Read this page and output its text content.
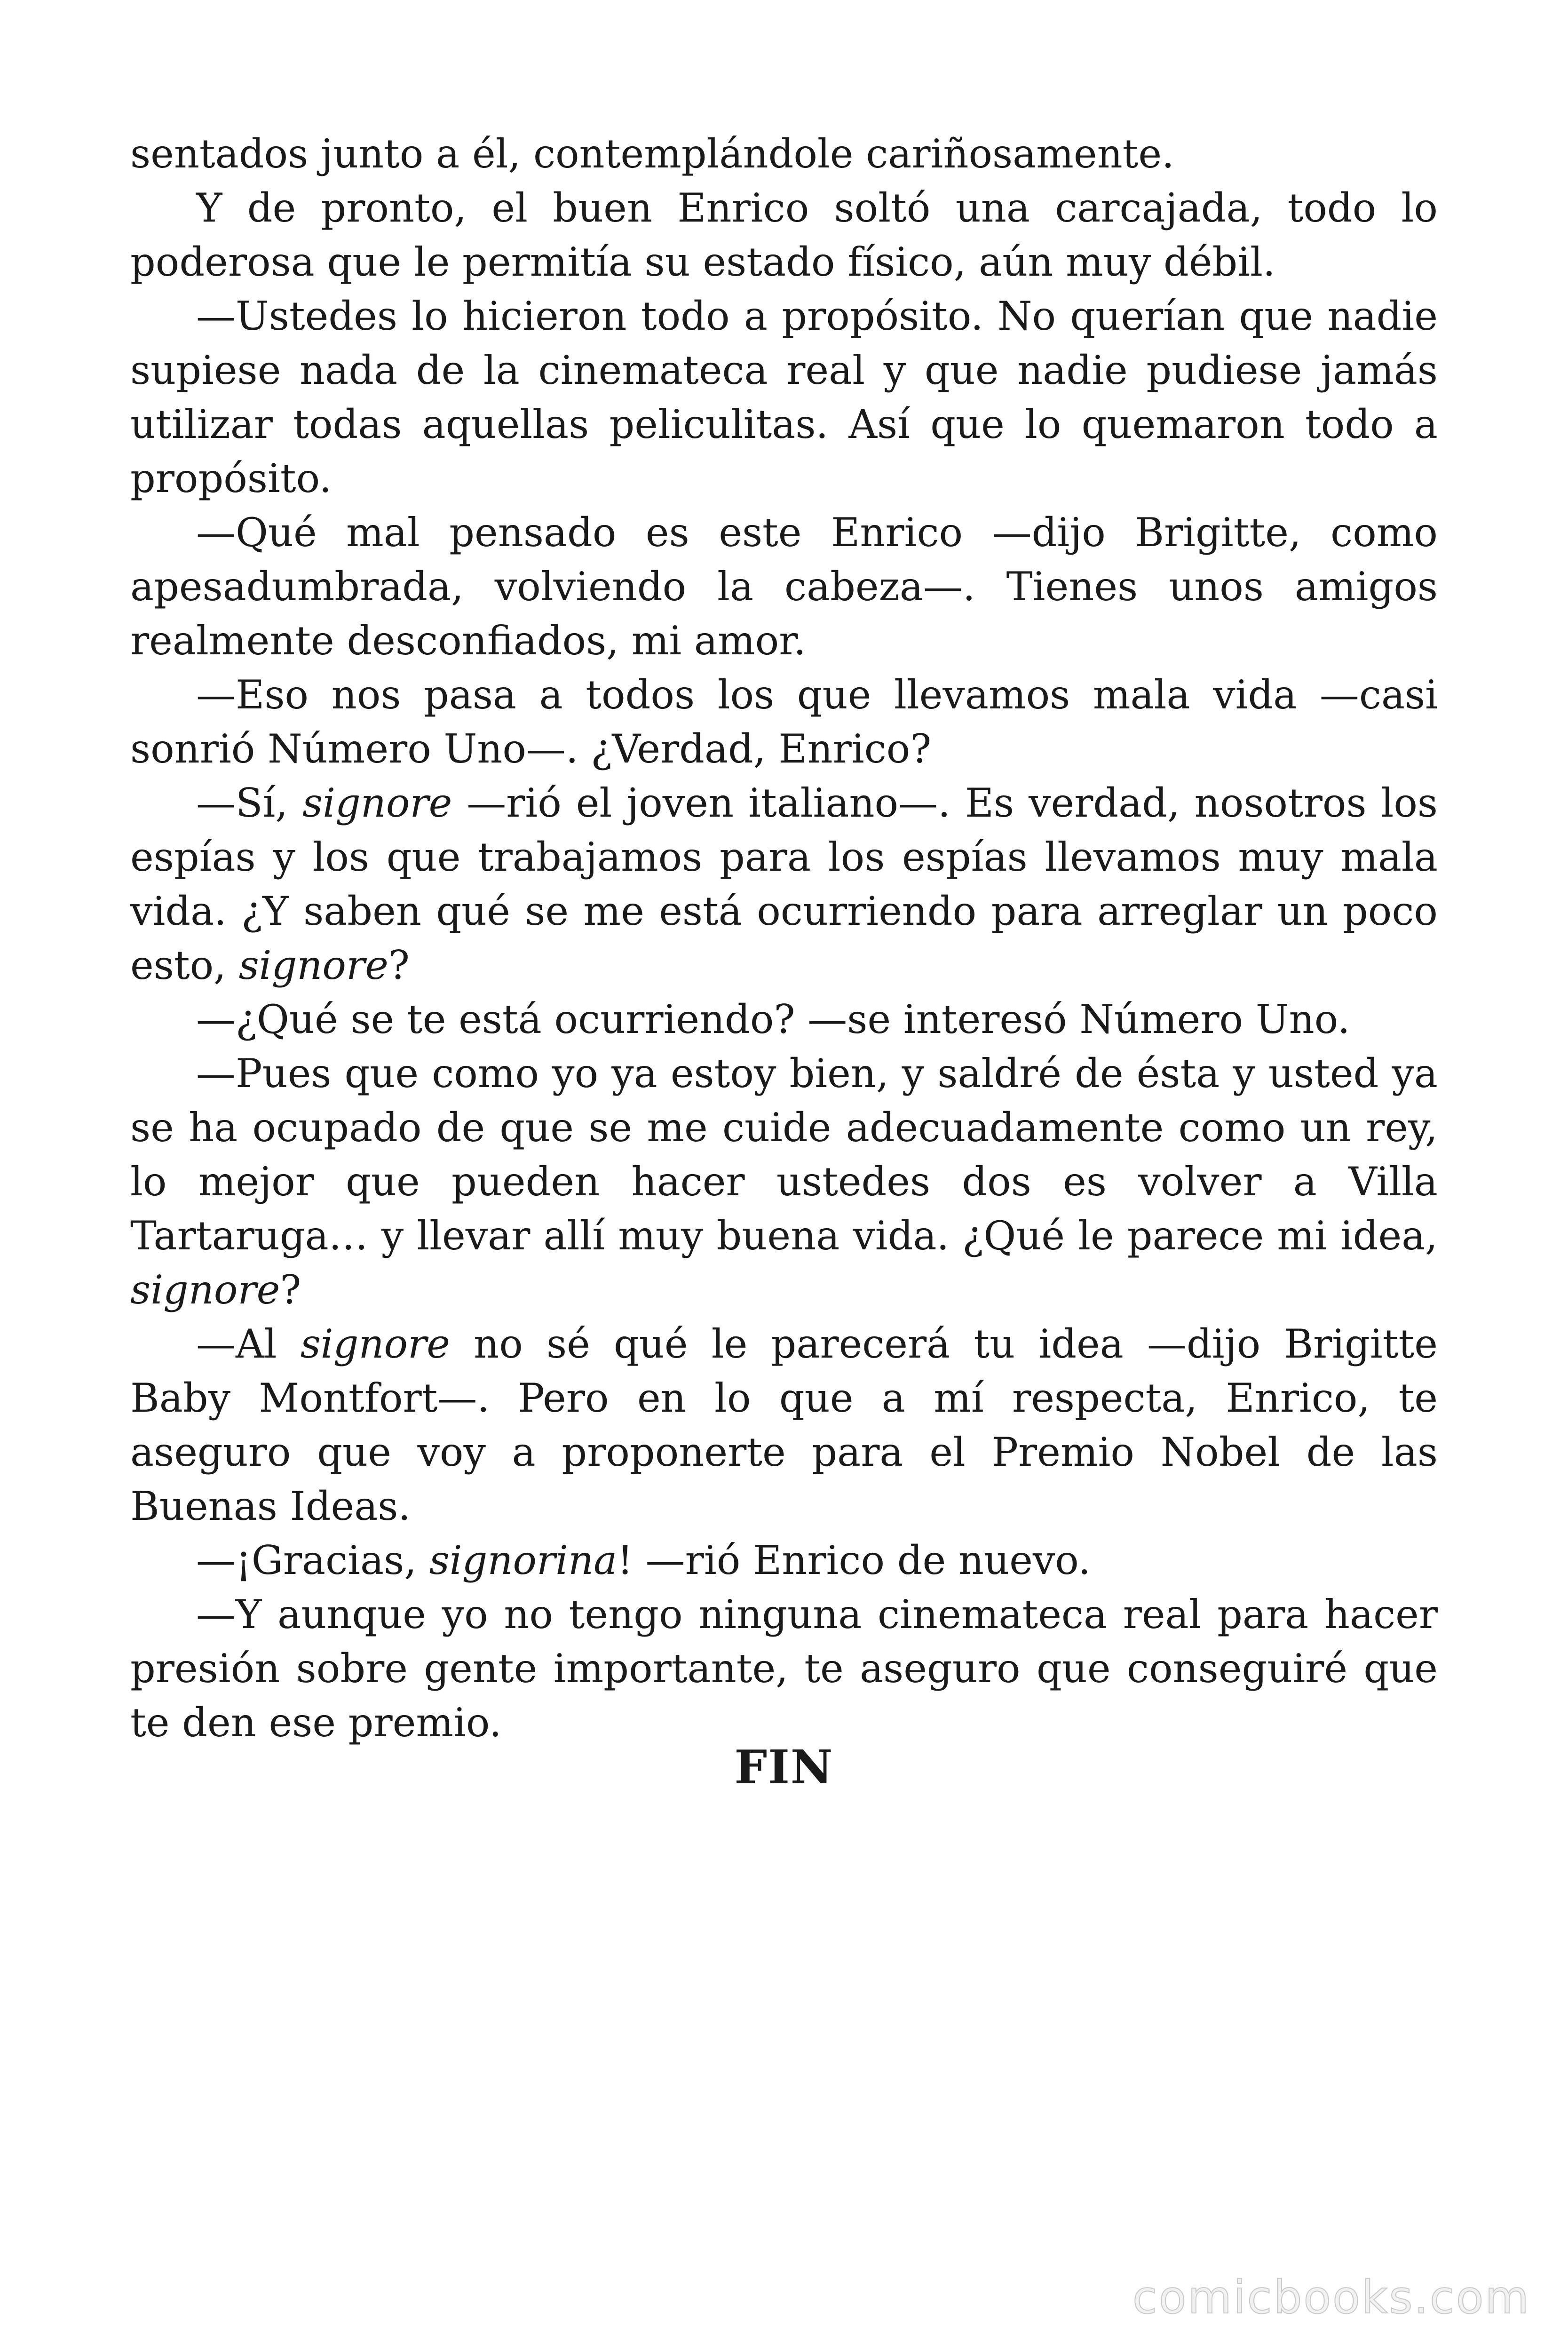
sentados junto a él, contemplándole cariñosamente.

Y de pronto, el buen Enrico soltó una carcajada, todo lo poderosa que le permitía su estado físico, aún muy débil.

—Ustedes lo hicieron todo a propósito. No querían que nadie supiese nada de la cinemateca real y que nadie pudiese jamás utilizar todas aquellas peliculitas. Así que lo quemaron todo a propósito.

—Qué mal pensado es este Enrico —dijo Brigitte, como apesadumbrada, volviendo la cabeza—. Tienes unos amigos realmente desconfiados, mi amor.

—Eso nos pasa a todos los que llevamos mala vida —casi sonrió Número Uno—. ¿Verdad, Enrico?

—Sí, signore —rió el joven italiano—. Es verdad, nosotros los espías y los que trabajamos para los espías llevamos muy mala vida. ¿Y saben qué se me está ocurriendo para arreglar un poco esto, signore?

—¿Qué se te está ocurriendo? —se interesó Número Uno.

—Pues que como yo ya estoy bien, y saldré de ésta y usted ya se ha ocupado de que se me cuide adecuadamente como un rey, lo mejor que pueden hacer ustedes dos es volver a Villa Tartaruga… y llevar allí muy buena vida. ¿Qué le parece mi idea, signore?

—Al signore no sé qué le parecerá tu idea —dijo Brigitte Baby Montfort—. Pero en lo que a mí respecta, Enrico, te aseguro que voy a proponerte para el Premio Nobel de las Buenas Ideas.

—¡Gracias, signorina! —rió Enrico de nuevo.

—Y aunque yo no tengo ninguna cinemateca real para hacer presión sobre gente importante, te aseguro que conseguiré que te den ese premio.

FIN
comicbooks.com
